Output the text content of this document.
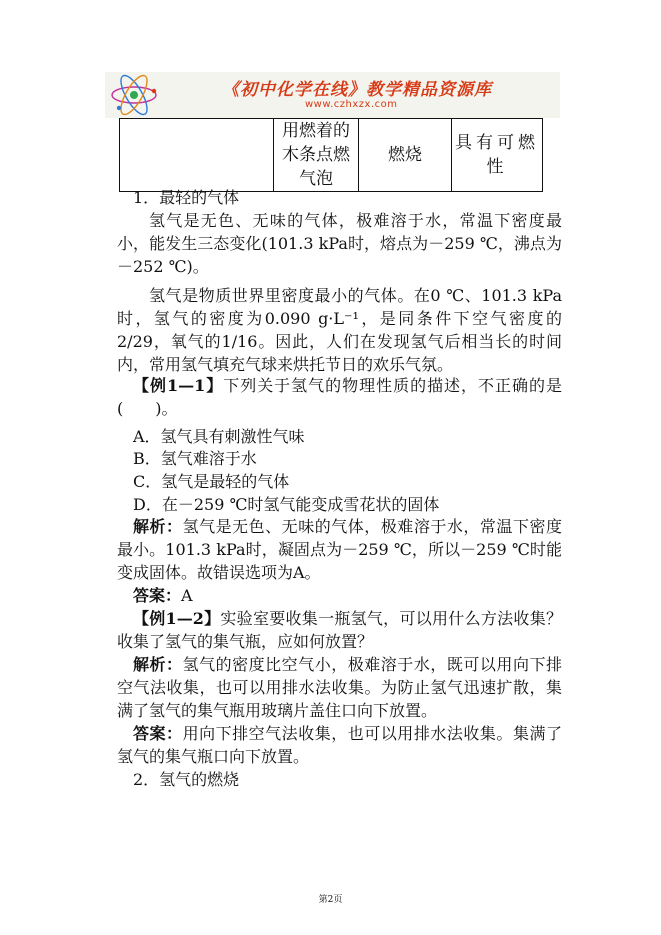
《初中化学在线》教学精品资源库
www.czhxzx.com
	用燃着的木条点燃气泡	燃烧	具有可燃性

1．最轻的气体

氢气是无色、无味的气体，极难溶于水，常温下密度最小，能发生三态变化(101.3 kPa时，熔点为－259 ℃，沸点为－252 ℃)。

氢气是物质世界里密度最小的气体。在0 ℃、101.3 kPa时，氢气的密度为0.090 g·L⁻¹，是同条件下空气密度的2/29，氧气的1/16。因此，人们在发现氢气后相当长的时间内，常用氢气填充气球来烘托节日的欢乐气氛。

【例1—1】下列关于氢气的物理性质的描述，不正确的是(　　)。

A．氢气具有刺激性气味

B．氢气难溶于水

C．氢气是最轻的气体

D．在－259 ℃时氢气能变成雪花状的固体

解析：氢气是无色、无味的气体，极难溶于水，常温下密度最小。101.3 kPa时，凝固点为－259 ℃，所以－259 ℃时能变成固体。故错误选项为A。

答案：A

【例1—2】实验室要收集一瓶氢气，可以用什么方法收集？收集了氢气的集气瓶，应如何放置？

解析：氢气的密度比空气小，极难溶于水，既可以用向下排空气法收集，也可以用排水法收集。为防止氢气迅速扩散，集满了氢气的集气瓶用玻璃片盖住口向下放置。

答案：用向下排空气法收集，也可以用排水法收集。集满了氢气的集气瓶口向下放置。

2．氢气的燃烧

第2页
